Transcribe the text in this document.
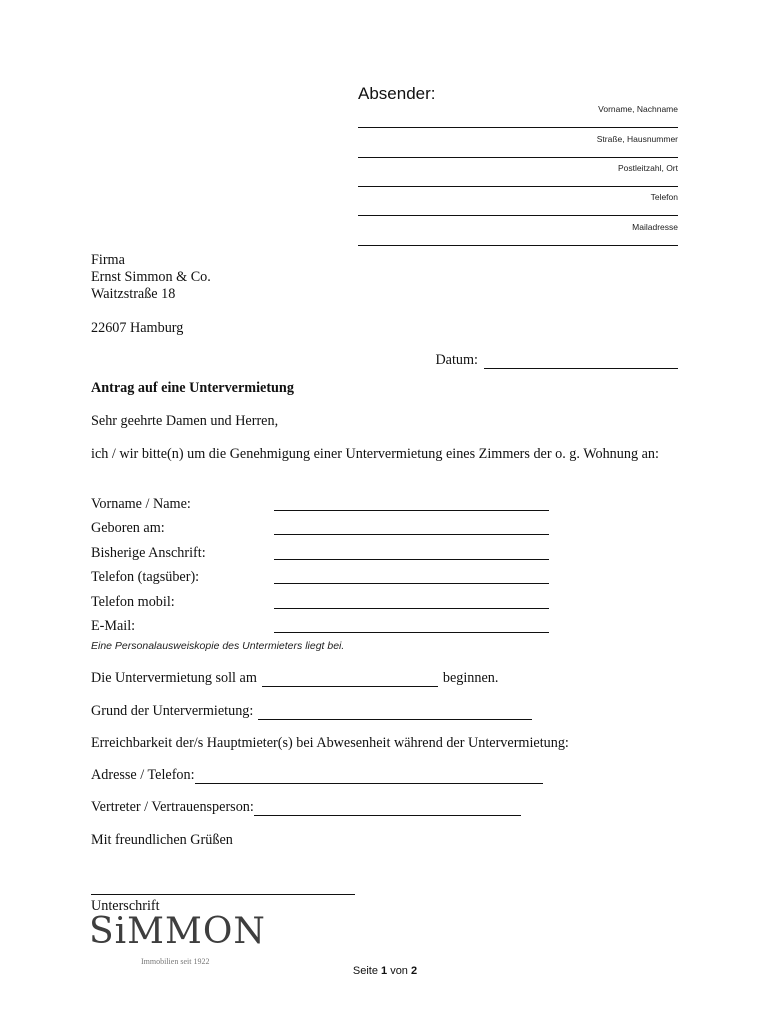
Absender:
Vorname, Nachname
Straße, Hausnummer
Postleitzahl, Ort
Telefon
Mailadresse
Firma
Ernst Simmon & Co.
Waitzstraße 18
22607 Hamburg
Datum:
Antrag auf eine Untervermietung
Sehr geehrte Damen und Herren,
ich / wir bitte(n) um die Genehmigung einer Untervermietung eines Zimmers der o. g. Wohnung an:
Vorname / Name:
Geboren am:
Bisherige Anschrift:
Telefon (tagsüber):
Telefon mobil:
E-Mail:
Eine Personalausweiskopie des Untermieters liegt bei.
Die Untervermietung soll am	beginnen.
Grund der Untervermietung:
Erreichbarkeit der/s Hauptmieter(s) bei Abwesenheit während der Untervermietung:
Adresse / Telefon:
Vertreter / Vertrauensperson:
Mit freundlichen Grüßen
Unterschrift
SiMMON
Immobilien seit 1922
Seite 1 von 2
